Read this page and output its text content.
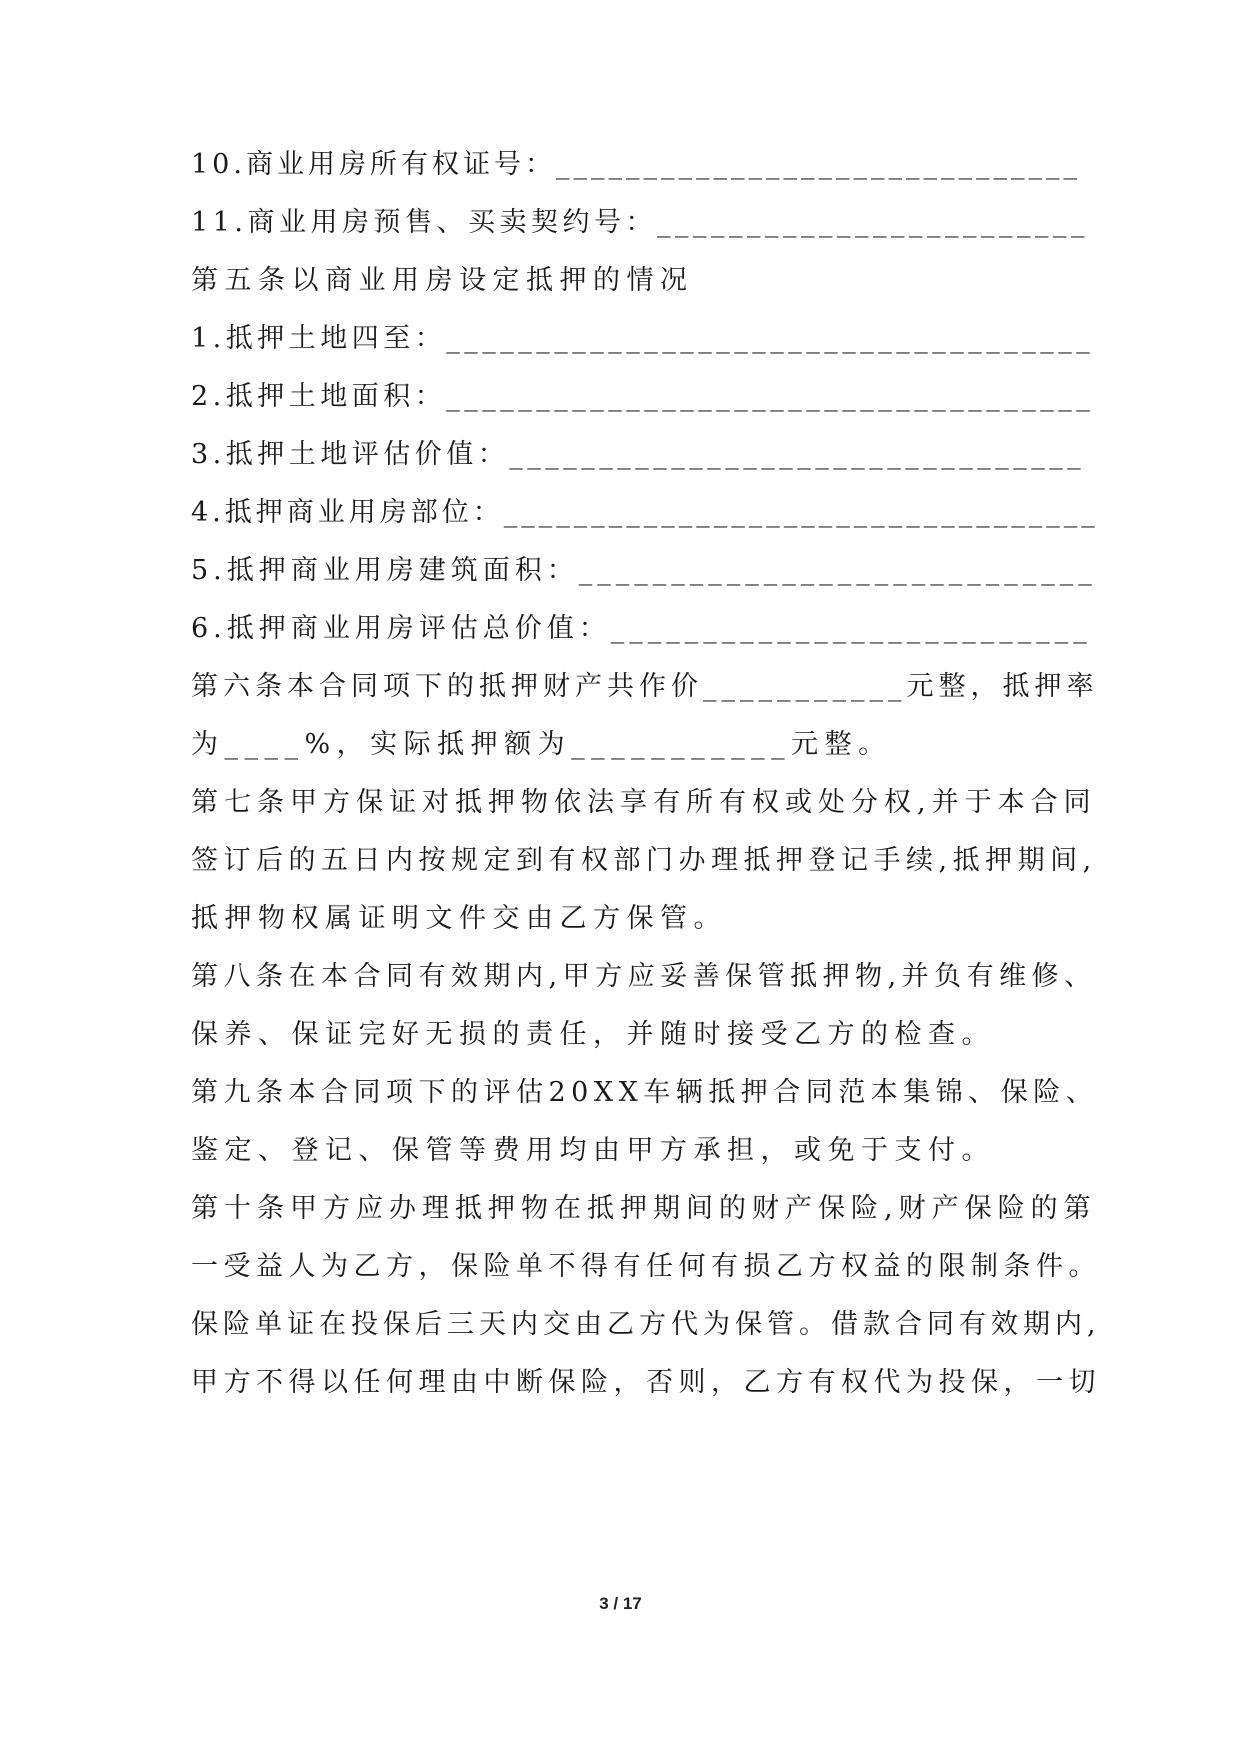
10.商业用房所有权证号：______________________________
11.商业用房预售、买卖契约号：________________________
第五条以商业用房设定抵押的情况
1.抵押土地四至：____________________________________
2.抵押土地面积：____________________________________
3.抵押土地评估价值：________________________________
4.抵押商业用房部位：__________________________________
5.抵押商业用房建筑面积：____________________________
6.抵押商业用房评估总价值：__________________________
第六条本合同项下的抵押财产共作价___________元整，抵押率
为____%，实际抵押额为___________元整。
第七条甲方保证对抵押物依法享有所有权或处分权,并于本合同
签订后的五日内按规定到有权部门办理抵押登记手续,抵押期间,
抵押物权属证明文件交由乙方保管。
第八条在本合同有效期内,甲方应妥善保管抵押物,并负有维修、
保养、保证完好无损的责任，并随时接受乙方的检查。
第九条本合同项下的评估20XX车辆抵押合同范本集锦、保险、
鉴定、登记、保管等费用均由甲方承担，或免于支付。
第十条甲方应办理抵押物在抵押期间的财产保险,财产保险的第
一受益人为乙方，保险单不得有任何有损乙方权益的限制条件。
保险单证在投保后三天内交由乙方代为保管。借款合同有效期内,
甲方不得以任何理由中断保险，否则，乙方有权代为投保，一切
3 / 17
